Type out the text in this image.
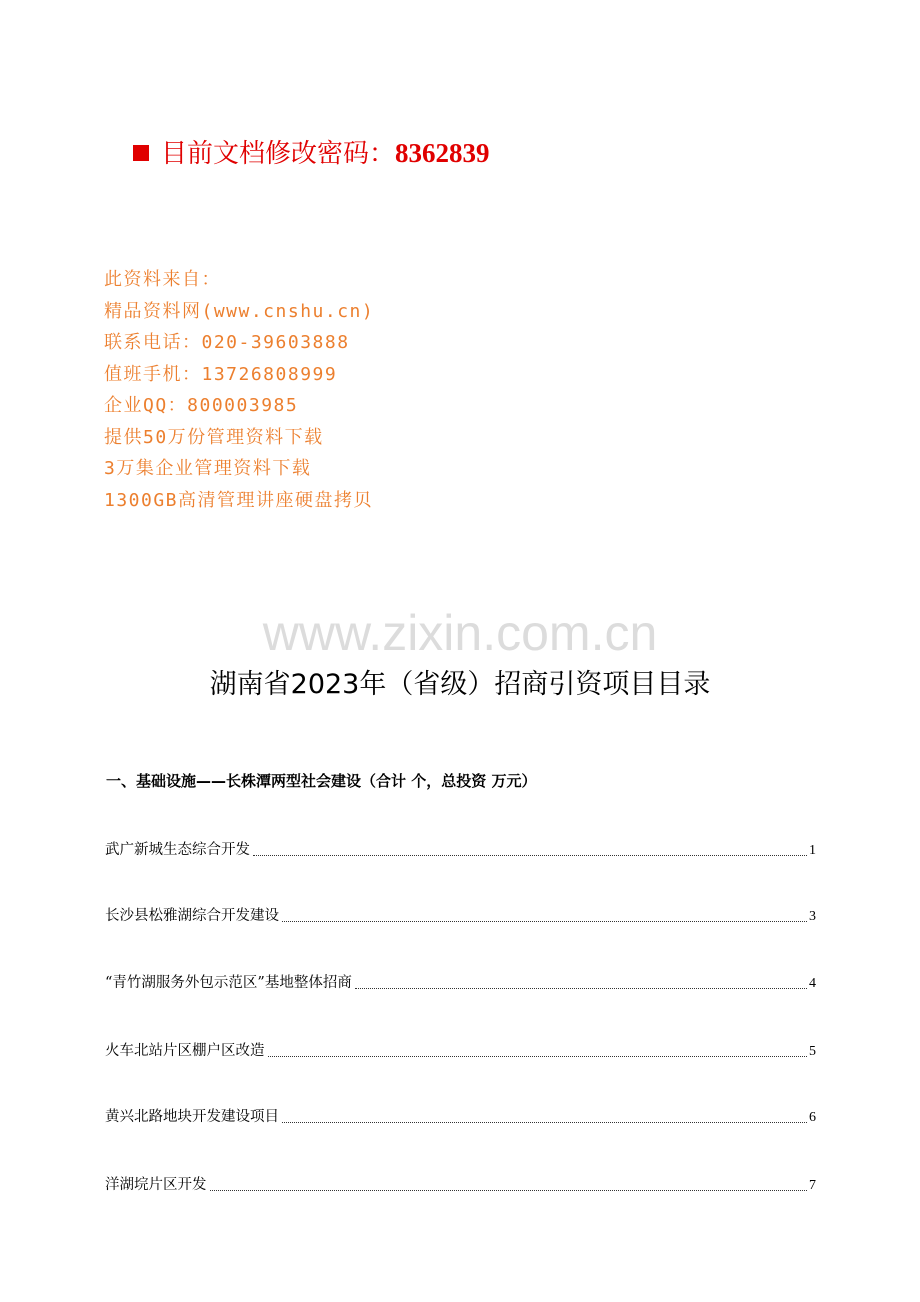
目前文档修改密码：8362839
此资料来自：
精品资料网(www.cnshu.cn)
联系电话：020-39603888
值班手机：13726808999
企业QQ：800003985
提供50万份管理资料下载
3万集企业管理资料下载
1300GB高清管理讲座硬盘拷贝
www.zixin.com.cn
湖南省2023年（省级）招商引资项目目录
一、基础设施——长株潭两型社会建设（合计 个，总投资 万元）
武广新城生态综合开发	1
长沙县松雅湖综合开发建设	3
“青竹湖服务外包示范区”基地整体招商	4
火车北站片区棚户区改造	5
黄兴北路地块开发建设项目	6
洋湖垸片区开发	7
